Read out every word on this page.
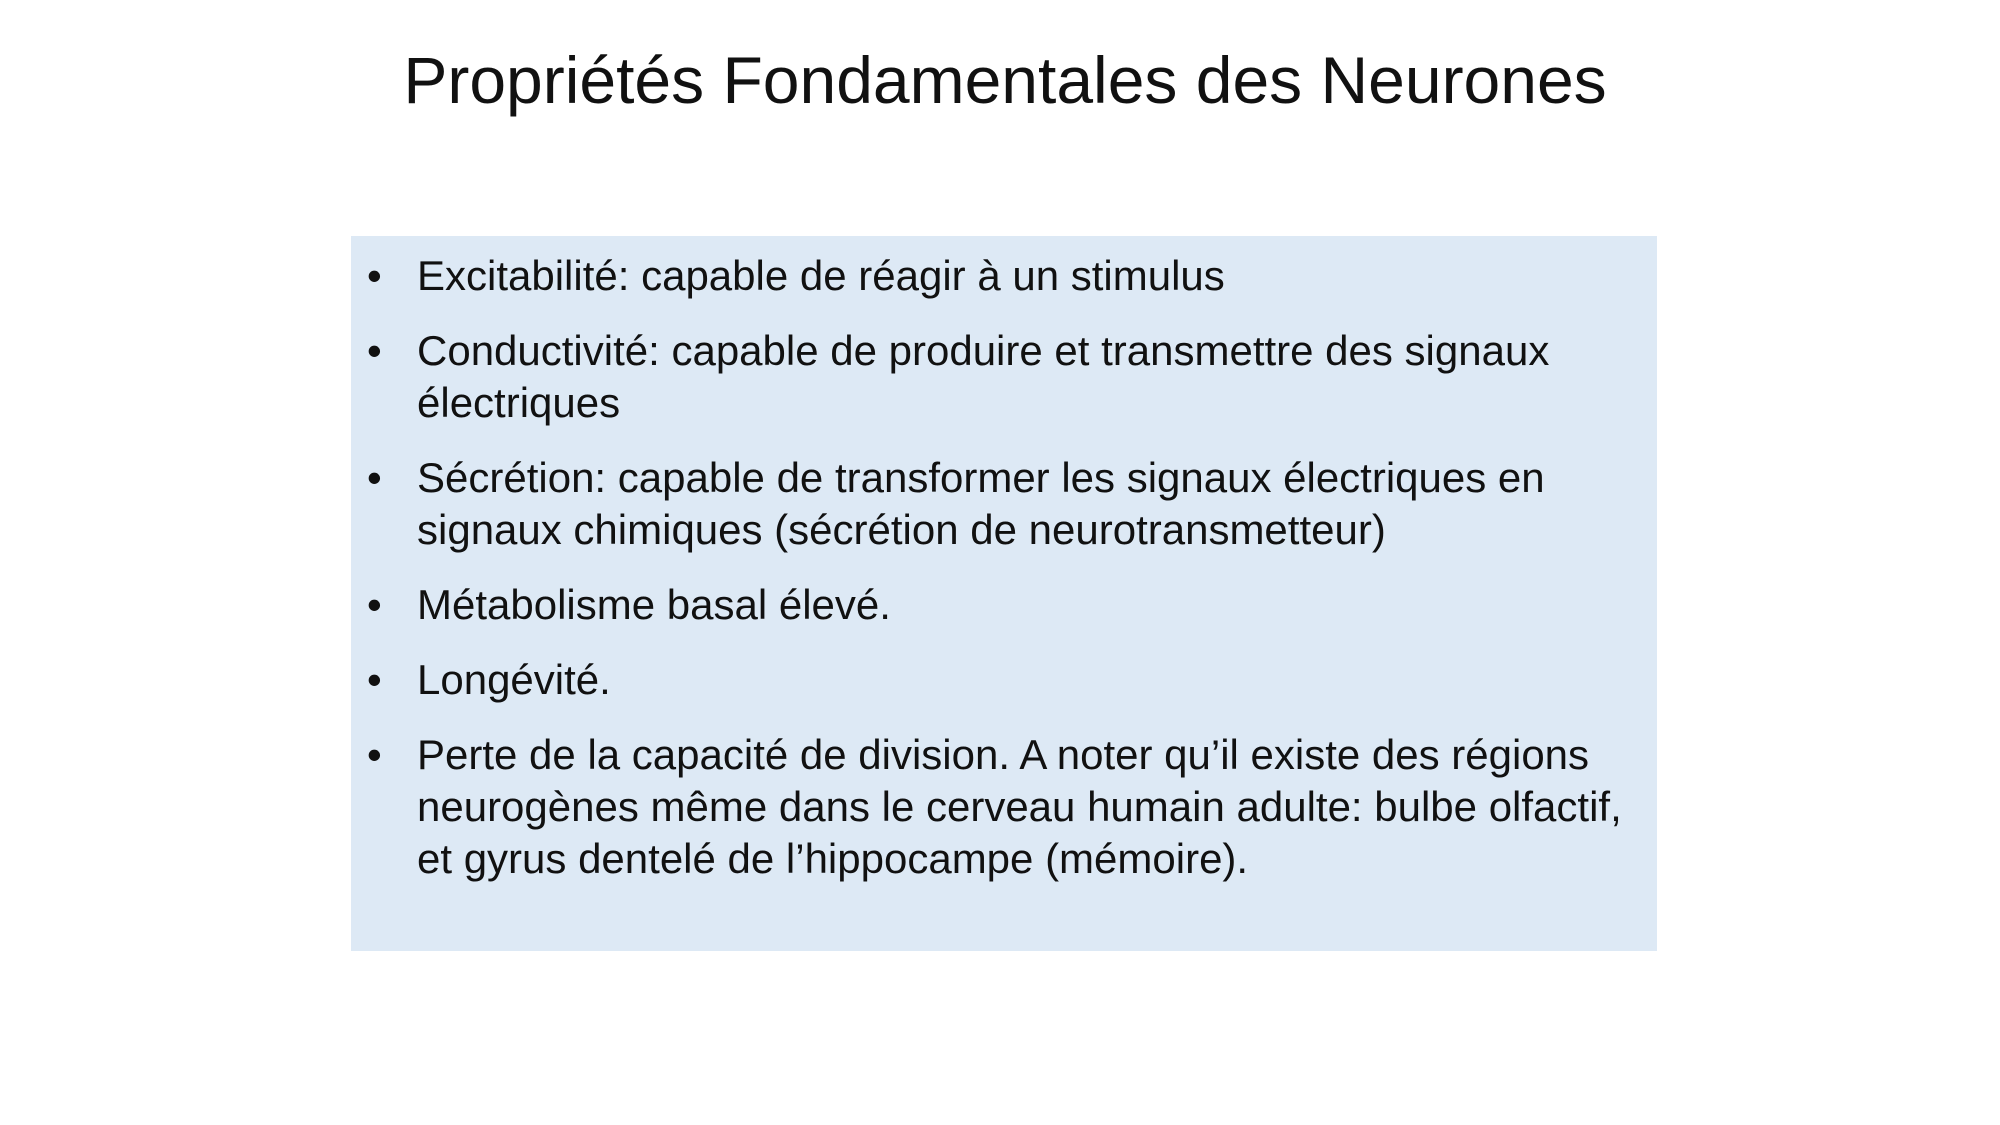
Propriétés Fondamentales des Neurones
• Excitabilité: capable de réagir à un stimulus
• Conductivité: capable de produire et transmettre des signaux électriques
• Sécrétion: capable de transformer les signaux électriques en signaux chimiques (sécrétion de neurotransmetteur)
• Métabolisme basal élevé.
• Longévité.
• Perte de la capacité de division. A noter qu’il existe des régions neurogènes même dans le cerveau humain adulte: bulbe olfactif, et gyrus dentelé de l’hippocampe (mémoire).
